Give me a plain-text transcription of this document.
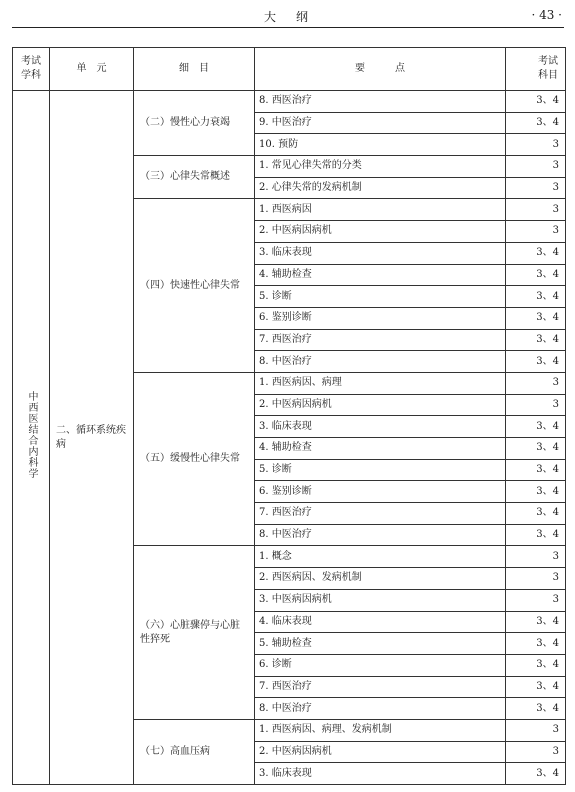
大纲	· 43 ·
考试学科	单　元	细　目	要　　　点	考试科目

中西医结合内科学	二、循环系统疾病	（二）慢性心力衰竭	8. 西医治疗	3、4
			9. 中医治疗	3、4
			10. 预防	3
		（三）心律失常概述	1. 常见心律失常的分类	3
			2. 心律失常的发病机制	3
		（四）快速性心律失常	1. 西医病因	3
			2. 中医病因病机	3
			3. 临床表现	3、4
			4. 辅助检查	3、4
			5. 诊断	3、4
			6. 鉴别诊断	3、4
			7. 西医治疗	3、4
			8. 中医治疗	3、4
		（五）缓慢性心律失常	1. 西医病因、病理	3
			2. 中医病因病机	3
			3. 临床表现	3、4
			4. 辅助检查	3、4
			5. 诊断	3、4
			6. 鉴别诊断	3、4
			7. 西医治疗	3、4
			8. 中医治疗	3、4
		（六）心脏骤停与心脏性猝死	1. 概念	3
			2. 西医病因、发病机制	3
			3. 中医病因病机	3
			4. 临床表现	3、4
			5. 辅助检查	3、4
			6. 诊断	3、4
			7. 西医治疗	3、4
			8. 中医治疗	3、4
		（七）高血压病	1. 西医病因、病理、发病机制	3
			2. 中医病因病机	3
			3. 临床表现	3、4
